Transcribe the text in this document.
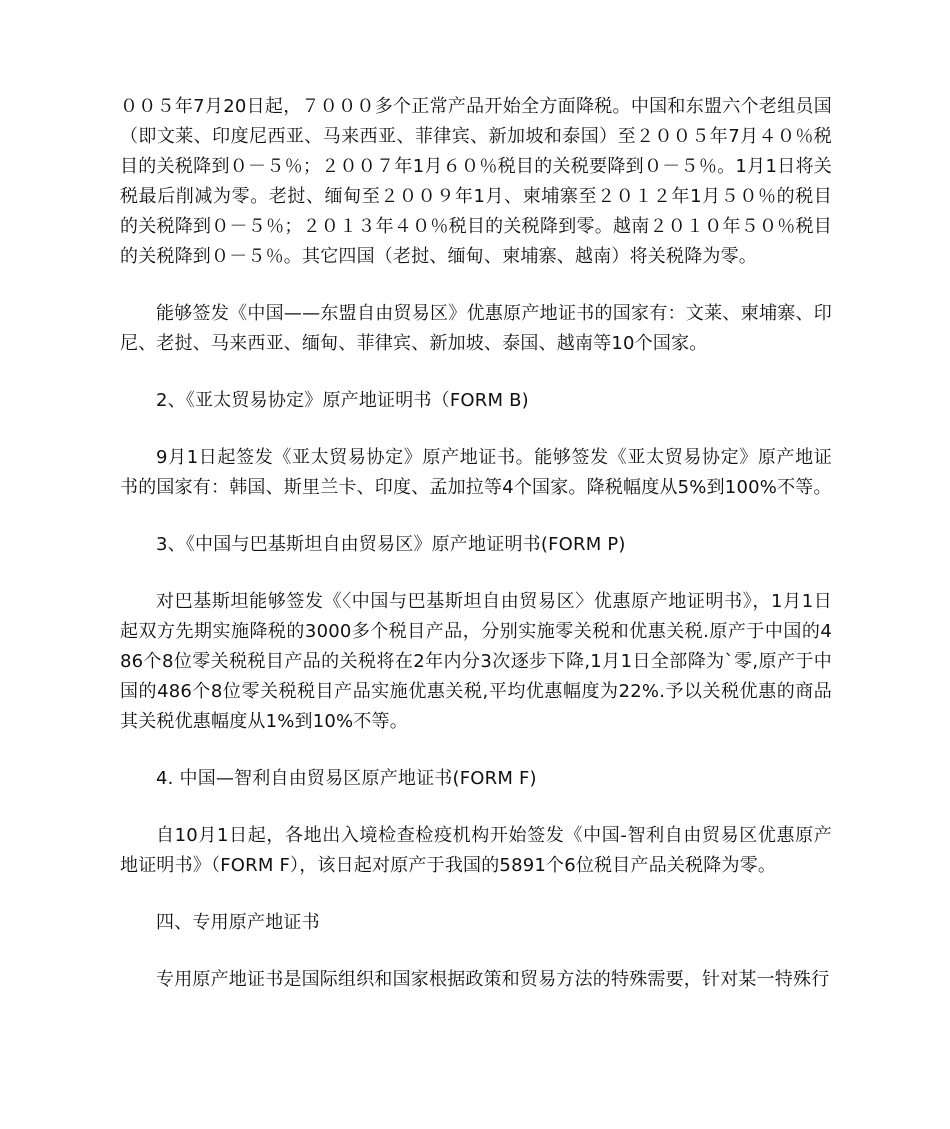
００５年7月20日起，７０００多个正常产品开始全方面降税。中国和东盟六个老组员国（即文莱、印度尼西亚、马来西亚、菲律宾、新加坡和泰国）至２００５年7月４０％税目的关税降到０－５％；２００７年1月６０％税目的关税要降到０－５％。1月1日将关税最后削减为零。老挝、缅甸至２００９年1月、柬埔寨至２０１２年1月５０％的税目的关税降到０－５％；２０１３年４０％税目的关税降到零。越南２０１０年５０％税目的关税降到０－５％。其它四国（老挝、缅甸、柬埔寨、越南）将关税降为零。

能够签发《中国——东盟自由贸易区》优惠原产地证书的国家有：文莱、柬埔寨、印尼、老挝、马来西亚、缅甸、菲律宾、新加坡、泰国、越南等10个国家。

2、《亚太贸易协定》原产地证明书（FORM B)

9月1日起签发《亚太贸易协定》原产地证书。能够签发《亚太贸易协定》原产地证书的国家有：韩国、斯里兰卡、印度、孟加拉等4个国家。降税幅度从5%到100%不等。

3、《中国与巴基斯坦自由贸易区》原产地证明书(FORM P)

对巴基斯坦能够签发《〈中国与巴基斯坦自由贸易区〉优惠原产地证明书》，1月1日起双方先期实施降税的3000多个税目产品，分别实施零关税和优惠关税.原产于中国的486个8位零关税税目产品的关税将在2年内分3次逐步下降,1月1日全部降为`零,原产于中国的486个8位零关税税目产品实施优惠关税,平均优惠幅度为22%.予以关税优惠的商品其关税优惠幅度从1%到10%不等。

4. 中国—智利自由贸易区原产地证书(FORM F)

自10月1日起，各地出入境检查检疫机构开始签发《中国-智利自由贸易区优惠原产地证明书》（FORM F），该日起对原产于我国的5891个6位税目产品关税降为零。

四、专用原产地证书

专用原产地证书是国际组织和国家根据政策和贸易方法的特殊需要，针对某一特殊行
